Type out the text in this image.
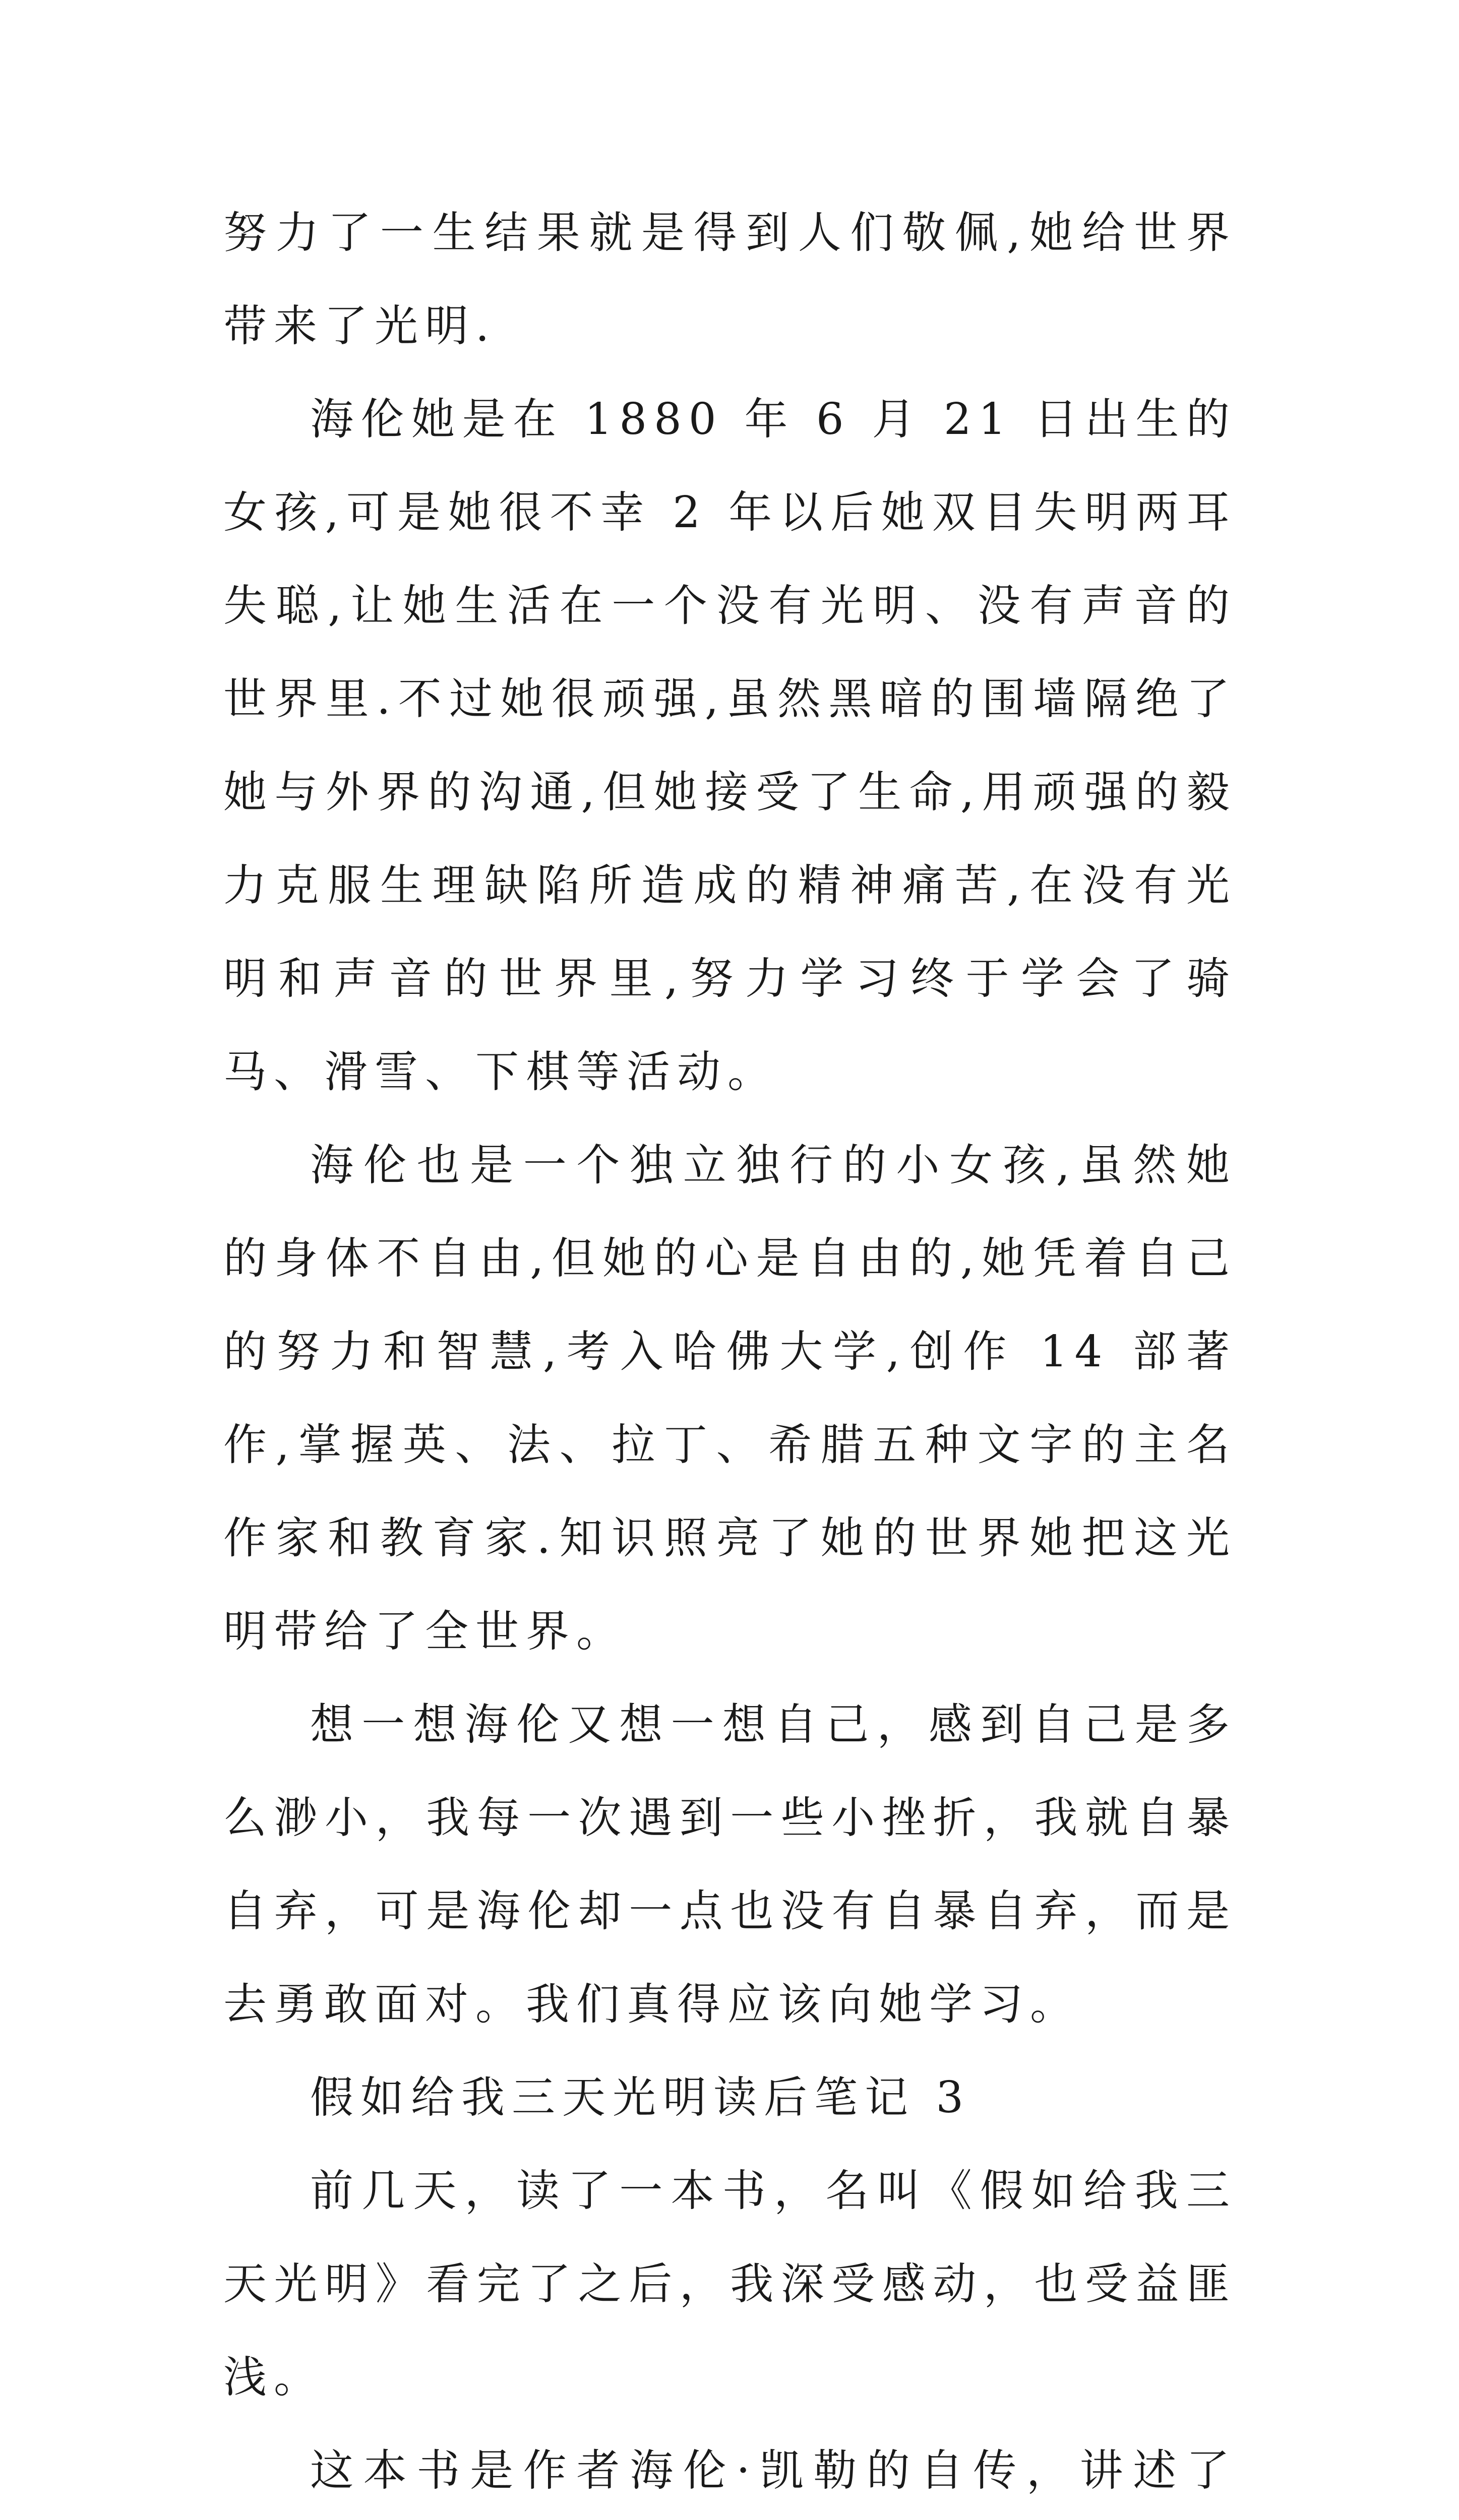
努力了一生结果就是得到人们敬佩,她给世界带来了光明.

海伦她是在 1880 年 6 月 21 日出生的女孩,可是她很不幸 2 年以后她双目失明两耳失聪,让她生活在一个没有光明、没有声音的世界里.不过她很顽强,虽然黑暗的围墙隔绝了她与外界的沟通,但她接受了生命,用顽强的毅力克服生理缺陷所造成的精神痛苦,在没有光明和声音的世界里,努力学习终于学会了骑马、滑雪、下棋等活动。

海伦也是一个独立独行的小女孩,虽然她的身体不自由,但她的心是自由的,她凭着自己的努力和智慧,考入哈佛大学,创作 14 部著作,掌握英、法、拉丁、希腊五种文字的主名作家和教育家.知识照亮了她的世界她把这光明带给了全世界。

想一想海伦又想一想自己，感到自己是多么渺小，我每一次遇到一些小挫折，我就自暴自弃，可是海伦却一点也没有自暴自弃，而是去勇敢面对。我们真得应该向她学习。

假如给我三天光明读后笔记 3

前几天，读了一本书，名叫《假如给我三天光明》看完了之后，我深受感动，也受益匪浅。

这本书是作者海伦·凯勒的自传，讲述了
